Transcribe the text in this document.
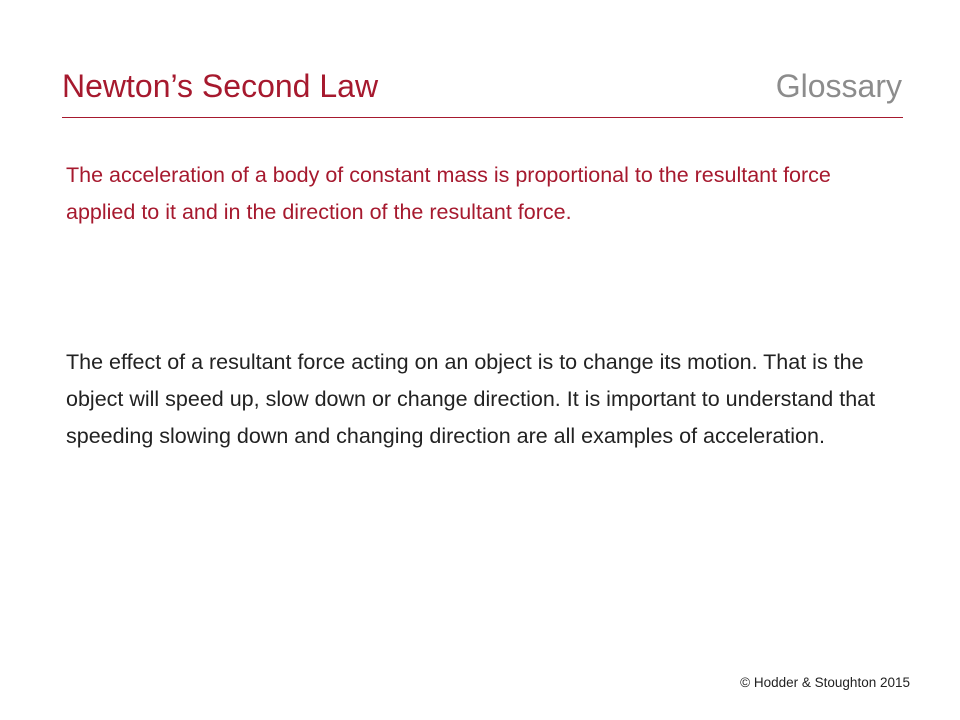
Newton’s Second Law	Glossary

The acceleration of a body of constant mass is proportional to the resultant force applied to it and in the direction of the resultant force.

The effect of a resultant force acting on an object is to change its motion. That is the object will speed up, slow down or change direction. It is important to understand that speeding slowing down and changing direction are all examples of acceleration.

© Hodder & Stoughton 2015
